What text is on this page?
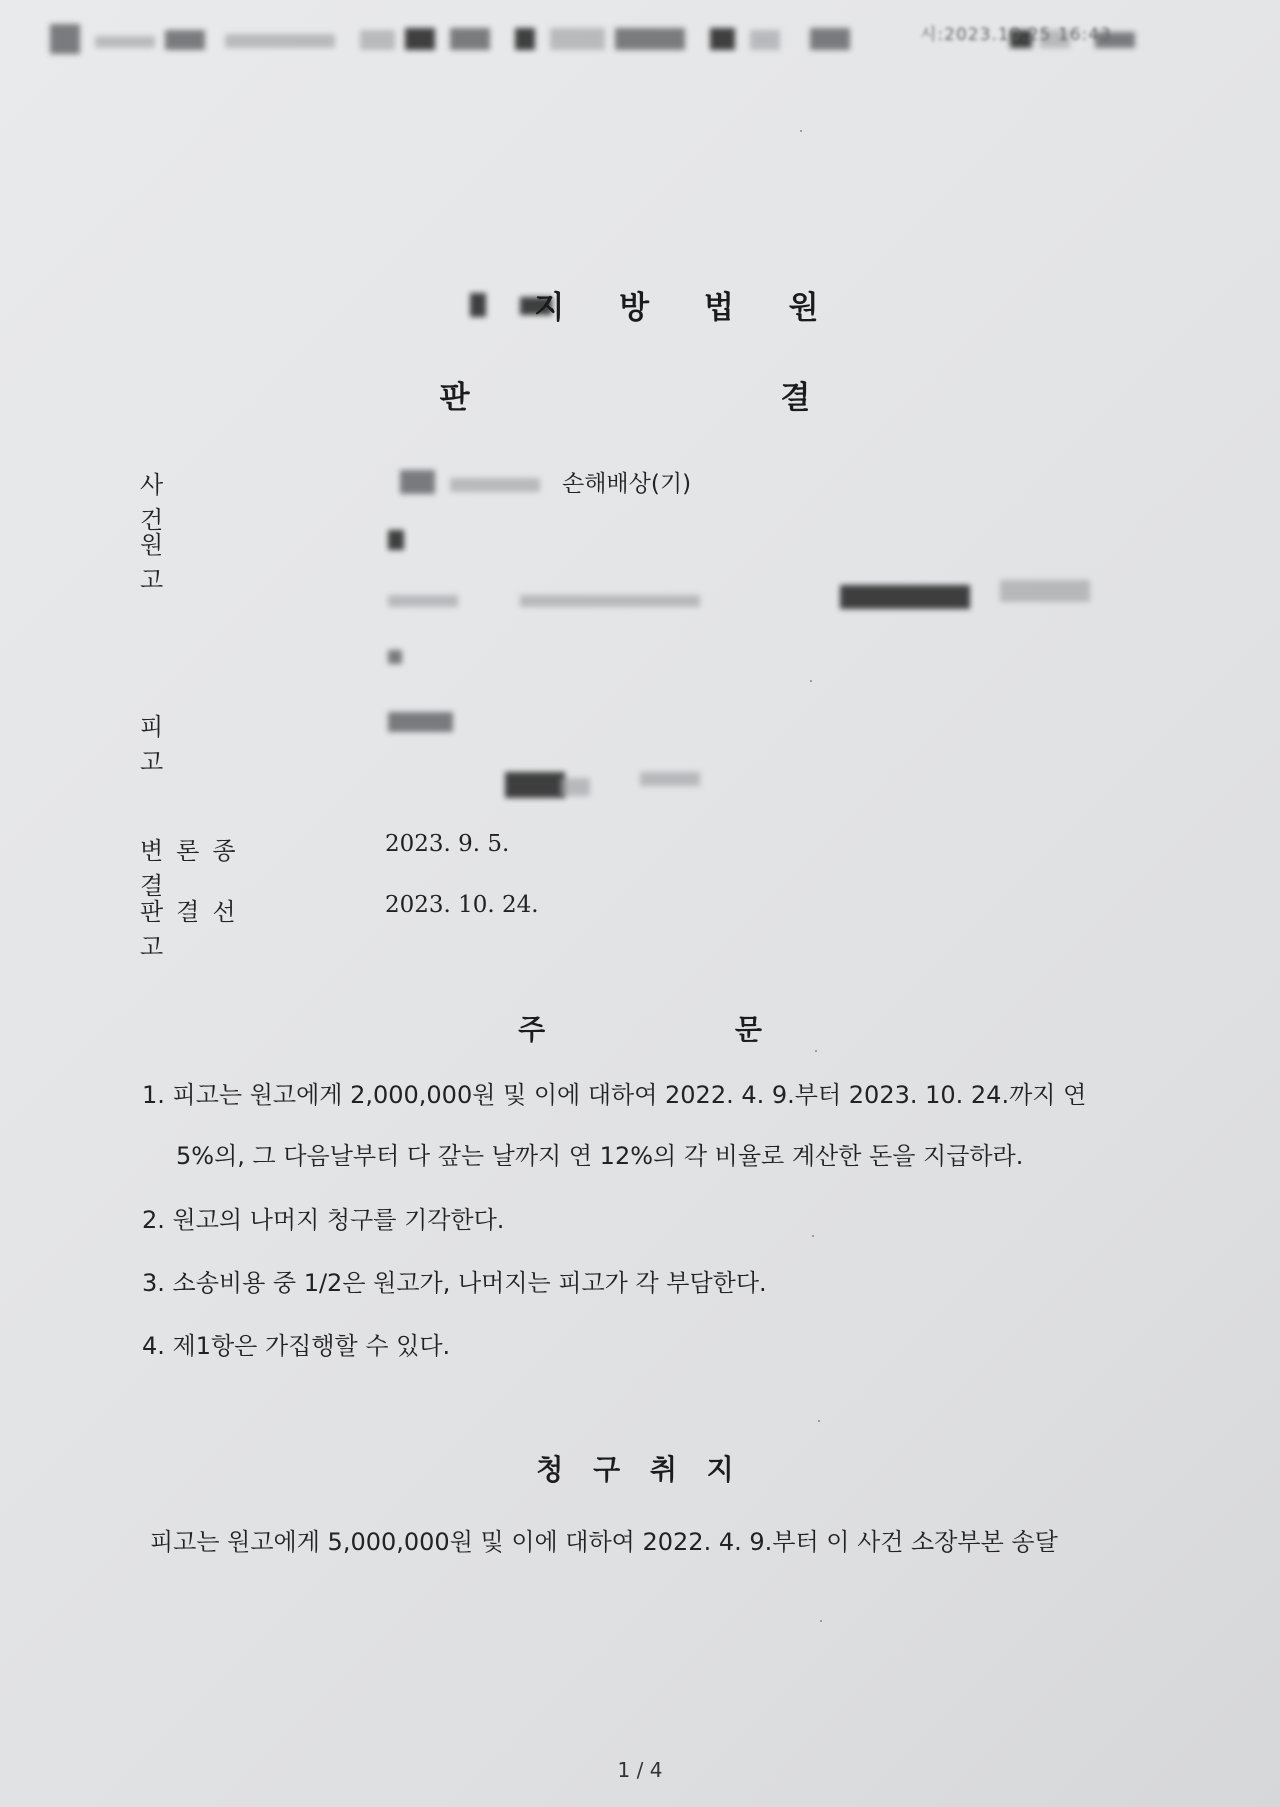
시:2023.10.25 16:43
지 방 법 원
판 결
사건
손해배상(기)
원고
피고
변론종결
2023. 9. 5.
판결선고
2023. 10. 24.
주 문
1. 피고는 원고에게 2,000,000원 및 이에 대하여 2022. 4. 9.부터 2023. 10. 24.까지 연
5%의, 그 다음날부터 다 갚는 날까지 연 12%의 각 비율로 계산한 돈을 지급하라.
2. 원고의 나머지 청구를 기각한다.
3. 소송비용 중 1/2은 원고가, 나머지는 피고가 각 부담한다.
4. 제1항은 가집행할 수 있다.
청 구 취 지
피고는 원고에게 5,000,000원 및 이에 대하여 2022. 4. 9.부터 이 사건 소장부본 송달
1 / 4
